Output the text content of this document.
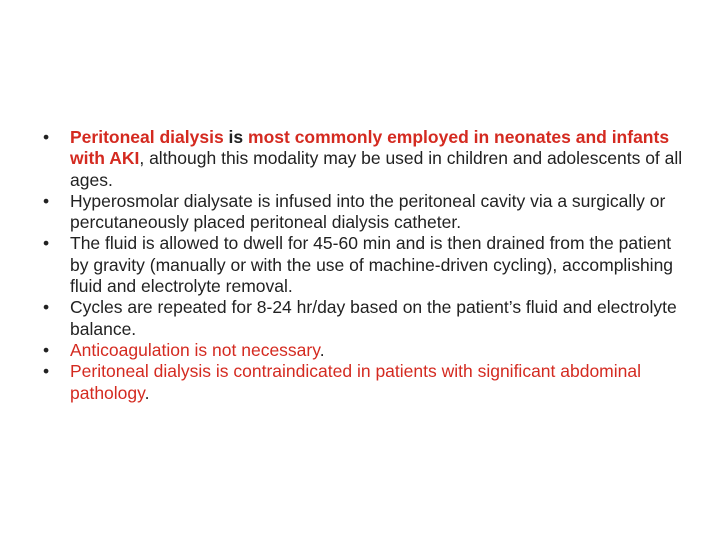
•	Peritoneal dialysis is most commonly employed in neonates and infants with AKI, although this modality may be used in children and adolescents of all ages.
•	Hyperosmolar dialysate is infused into the peritoneal cavity via a surgically or percutaneously placed peritoneal dialysis catheter.
•	The fluid is allowed to dwell for 45-60 min and is then drained from the patient by gravity (manually or with the use of machine-driven cycling), accomplishing fluid and electrolyte removal.
•	Cycles are repeated for 8-24 hr/day based on the patient’s fluid and electrolyte balance.
•	Anticoagulation is not necessary.
•	Peritoneal dialysis is contraindicated in patients with significant abdominal pathology.
